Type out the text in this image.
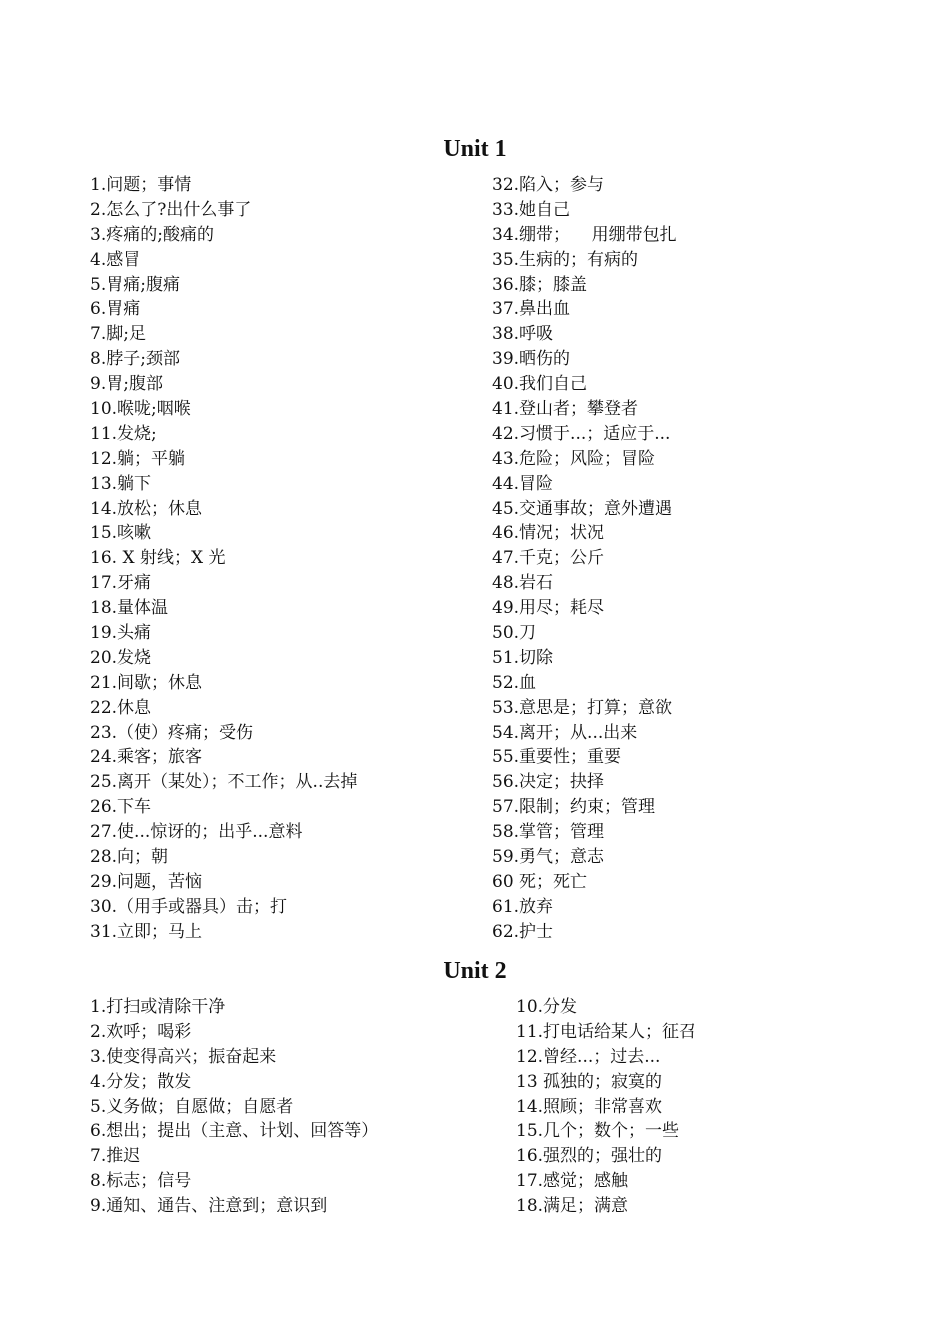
Unit 1
1.问题；事情
2.怎么了?出什么事了
3.疼痛的;酸痛的
4.感冒
5.胃痛;腹痛
6.胃痛
7.脚;足
8.脖子;颈部
9.胃;腹部
10.喉咙;咽喉
11.发烧;
12.躺；平躺
13.躺下
14.放松；休息
15.咳嗽
16. X 射线；X 光
17.牙痛
18.量体温
19.头痛
20.发烧
21.间歇；休息
22.休息
23.（使）疼痛；受伤
24.乘客；旅客
25.离开（某处）；不工作；从..去掉
26.下车
27.使...惊讶的；出乎...意料
28.向；朝
29.问题，苦恼
30.（用手或器具）击；打
31.立即；马上
32.陷入；参与
33.她自己
34.绷带；    用绷带包扎
35.生病的；有病的
36.膝；膝盖
37.鼻出血
38.呼吸
39.晒伤的
40.我们自己
41.登山者；攀登者
42.习惯于...；适应于...
43.危险；风险；冒险
44.冒险
45.交通事故；意外遭遇
46.情况；状况
47.千克；公斤
48.岩石
49.用尽；耗尽
50.刀
51.切除
52.血
53.意思是；打算；意欲
54.离开；从...出来
55.重要性；重要
56.决定；抉择
57.限制；约束；管理
58.掌管；管理
59.勇气；意志
60 死；死亡
61.放弃
62.护士
Unit 2
1.打扫或清除干净
2.欢呼；喝彩
3.使变得高兴；振奋起来
4.分发；散发
5.义务做；自愿做；自愿者
6.想出；提出（主意、计划、回答等）
7.推迟
8.标志；信号
9.通知、通告、注意到；意识到
10.分发
11.打电话给某人；征召
12.曾经...；过去...
13 孤独的；寂寞的
14.照顾；非常喜欢
15.几个；数个；一些
16.强烈的；强壮的
17.感觉；感触
18.满足；满意
